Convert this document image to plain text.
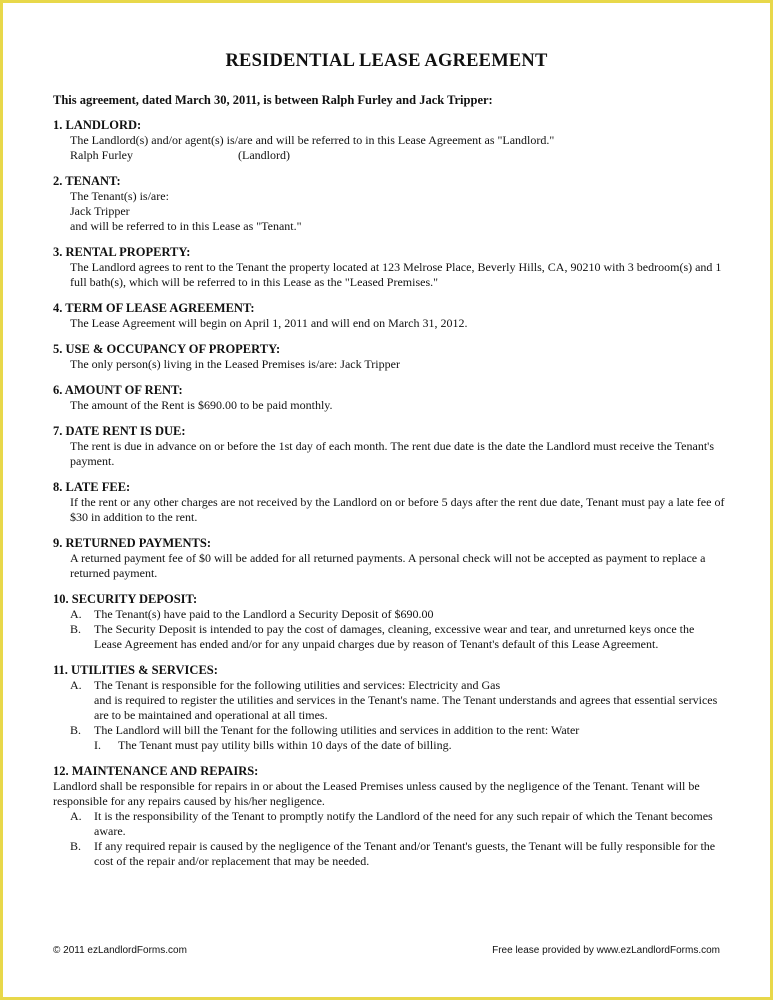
RESIDENTIAL LEASE AGREEMENT
This agreement, dated March 30, 2011, is between Ralph Furley and Jack Tripper:
1. LANDLORD:
The Landlord(s) and/or agent(s) is/are and will be referred to in this Lease Agreement as "Landlord."
Ralph Furley	(Landlord)
2. TENANT:
The Tenant(s) is/are:
Jack Tripper
and will be referred to in this Lease as "Tenant."
3. RENTAL PROPERTY:
The Landlord agrees to rent to the Tenant the property located at 123 Melrose Place, Beverly Hills, CA, 90210 with 3 bedroom(s) and 1 full bath(s), which will be referred to in this Lease as the "Leased Premises."
4. TERM OF LEASE AGREEMENT:
The Lease Agreement will begin on April 1, 2011 and will end on March 31, 2012.
5. USE & OCCUPANCY OF PROPERTY:
The only person(s) living in the Leased Premises is/are: Jack Tripper
6. AMOUNT OF RENT:
The amount of the Rent is $690.00 to be paid monthly.
7. DATE RENT IS DUE:
The rent is due in advance on or before the 1st day of each month. The rent due date is the date the Landlord must receive the Tenant's payment.
8. LATE FEE:
If the rent or any other charges are not received by the Landlord on or before 5 days after the rent due date, Tenant must pay a late fee of $30 in addition to the rent.
9. RETURNED PAYMENTS:
A returned payment fee of $0 will be added for all returned payments. A personal check will not be accepted as payment to replace a returned payment.
10. SECURITY DEPOSIT:
A.	The Tenant(s) have paid to the Landlord a Security Deposit of $690.00
B.	The Security Deposit is intended to pay the cost of damages, cleaning, excessive wear and tear, and unreturned keys once the Lease Agreement has ended and/or for any unpaid charges due by reason of Tenant's default of this Lease Agreement.
11. UTILITIES & SERVICES:
A.	The Tenant is responsible for the following utilities and services: Electricity and Gas
and is required to register the utilities and services in the Tenant's name. The Tenant understands and agrees that essential services are to be maintained and operational at all times.
B.	The Landlord will bill the Tenant for the following utilities and services in addition to the rent: Water
I.	The Tenant must pay utility bills within 10 days of the date of billing.
12. MAINTENANCE AND REPAIRS:
Landlord shall be responsible for repairs in or about the Leased Premises unless caused by the negligence of the Tenant. Tenant will be responsible for any repairs caused by his/her negligence.
A.	It is the responsibility of the Tenant to promptly notify the Landlord of the need for any such repair of which the Tenant becomes aware.
B.	If any required repair is caused by the negligence of the Tenant and/or Tenant's guests, the Tenant will be fully responsible for the cost of the repair and/or replacement that may be needed.
© 2011 ezLandlordForms.com	Free lease provided by www.ezLandlordForms.com
